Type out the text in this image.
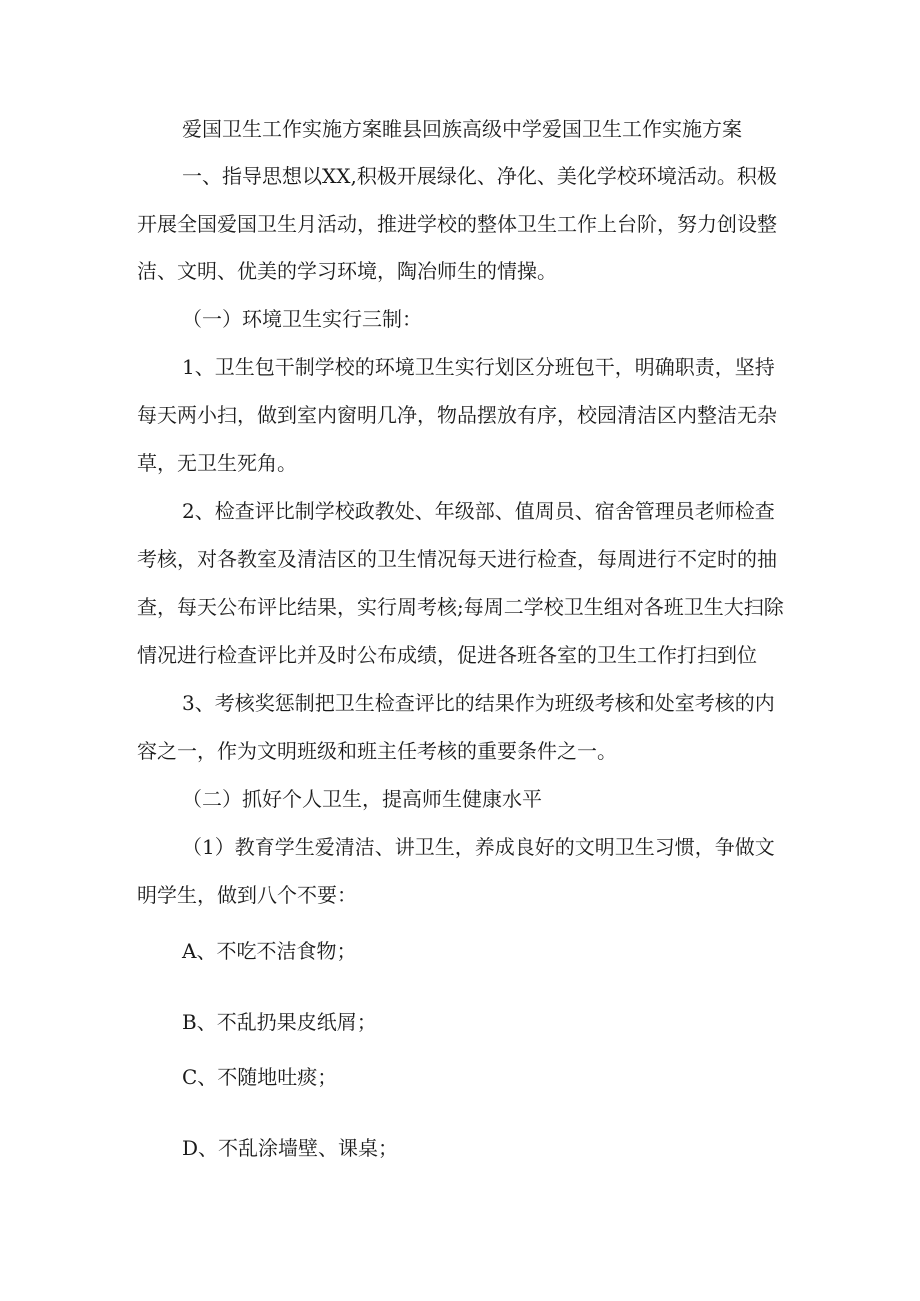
爱国卫生工作实施方案睢县回族高级中学爱国卫生工作实施方案
一、指导思想以XX,积极开展绿化、净化、美化学校环境活动。积极
开展全国爱国卫生月活动，推进学校的整体卫生工作上台阶，努力创设整
洁、文明、优美的学习环境，陶冶师生的情操。
（一）环境卫生实行三制：
1、卫生包干制学校的环境卫生实行划区分班包干，明确职责，坚持
每天两小扫，做到室内窗明几净，物品摆放有序，校园清洁区内整洁无杂
草，无卫生死角。
2、检查评比制学校政教处、年级部、值周员、宿舍管理员老师检查
考核，对各教室及清洁区的卫生情况每天进行检查，每周进行不定时的抽
查，每天公布评比结果，实行周考核;每周二学校卫生组对各班卫生大扫除
情况进行检查评比并及时公布成绩，促进各班各室的卫生工作打扫到位
3、考核奖惩制把卫生检查评比的结果作为班级考核和处室考核的内
容之一，作为文明班级和班主任考核的重要条件之一。
（二）抓好个人卫生，提高师生健康水平
（1）教育学生爱清洁、讲卫生，养成良好的文明卫生习惯，争做文
明学生，做到八个不要：
A、不吃不洁食物；
B、不乱扔果皮纸屑；
C、不随地吐痰；
D、不乱涂墙壁、课桌；
